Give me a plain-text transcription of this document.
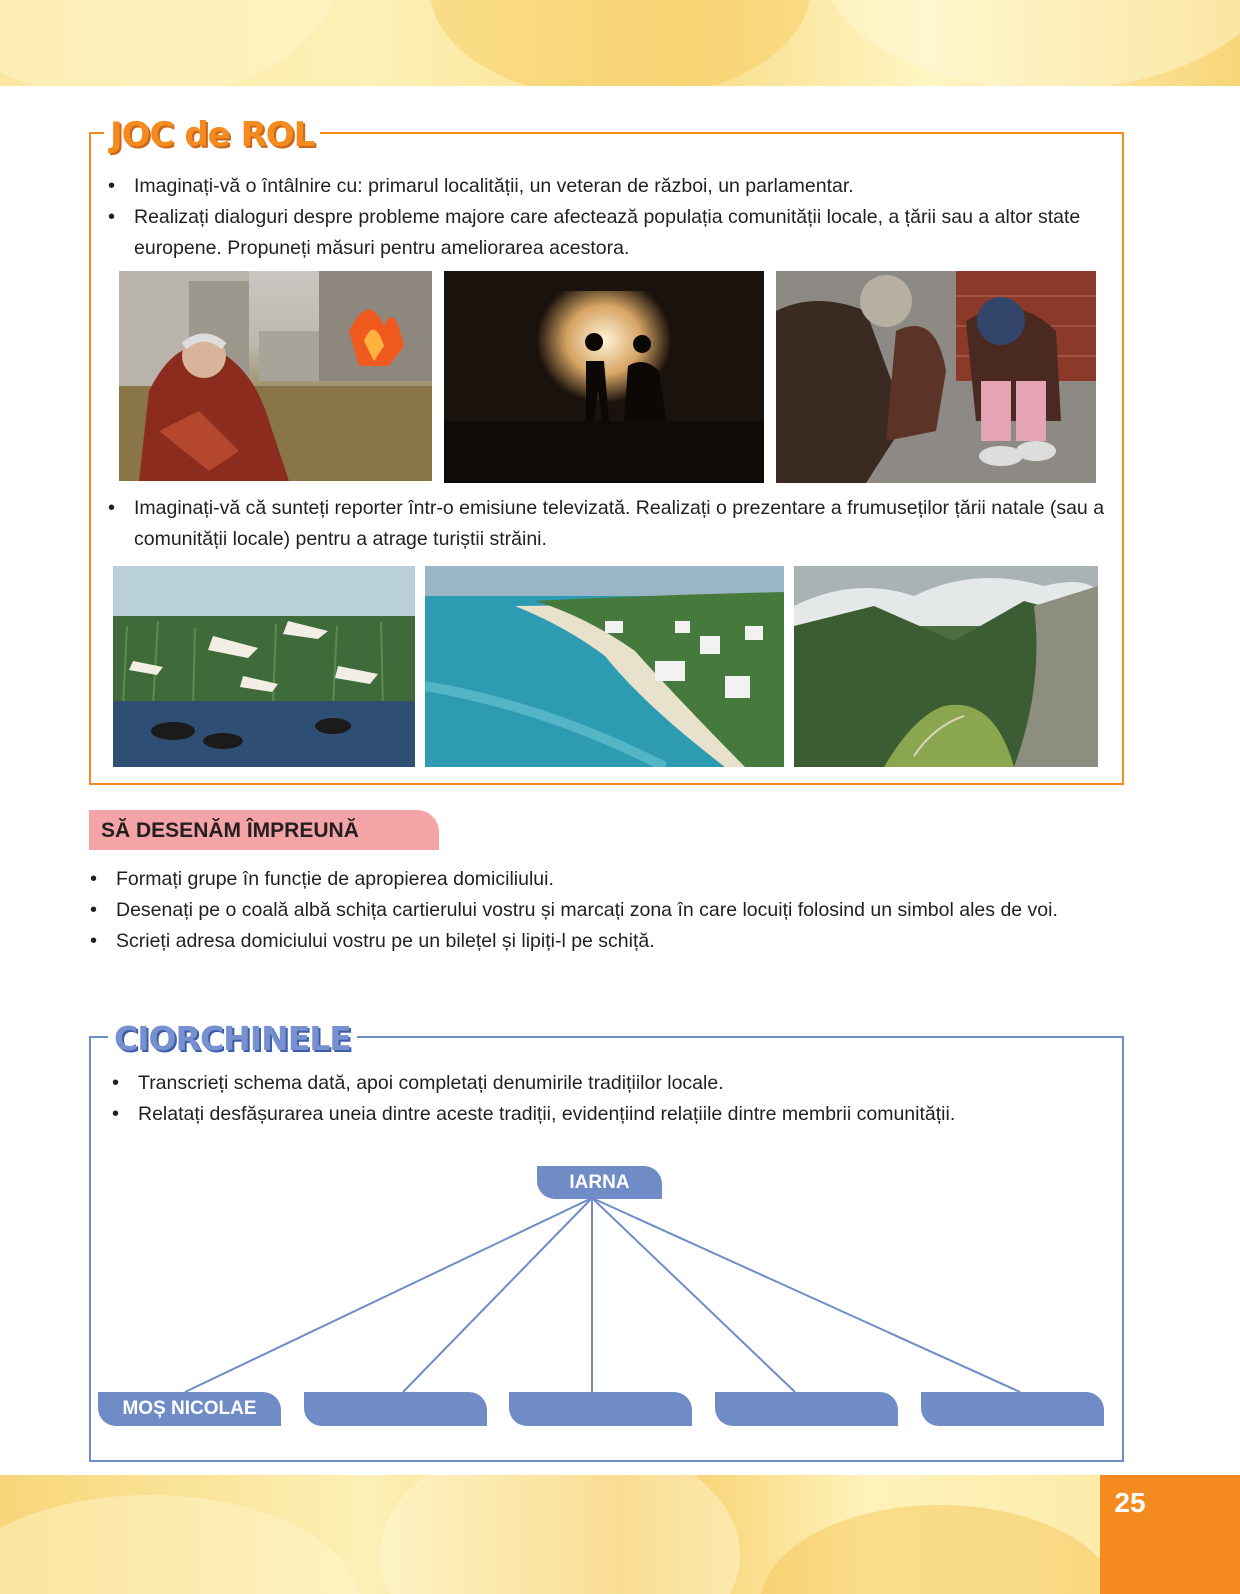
25
JOC de ROL
• Imaginați-vă o întâlnire cu: primarul localității, un veteran de război, un parlamentar.
• Realizați dialoguri despre probleme majore care afectează populația comunității locale, a țării sau a altor state europene. Propuneți măsuri pentru ameliorarea acestora.
• Imaginați-vă că sunteți reporter într-o emisiune televizată. Realizați o prezentare a frumuseților țării natale (sau a comunității locale) pentru a atrage turiștii străini.
SĂ DESENĂM ÎMPREUNĂ
• Formați grupe în funcție de apropierea domiciliului.
• Desenați pe o coală albă schița cartierului vostru și marcați zona în care locuiți folosind un simbol ales de voi.
• Scrieți adresa domiciului vostru pe un bilețel și lipiți-l pe schiță.
CIORCHINELE
• Transcrieți schema dată, apoi completați denumirile tradițiilor locale.
• Relatați desfășurarea uneia dintre aceste tradiții, evidențiind relațiile dintre membrii comunității.
IARNA
MOȘ NICOLAE
